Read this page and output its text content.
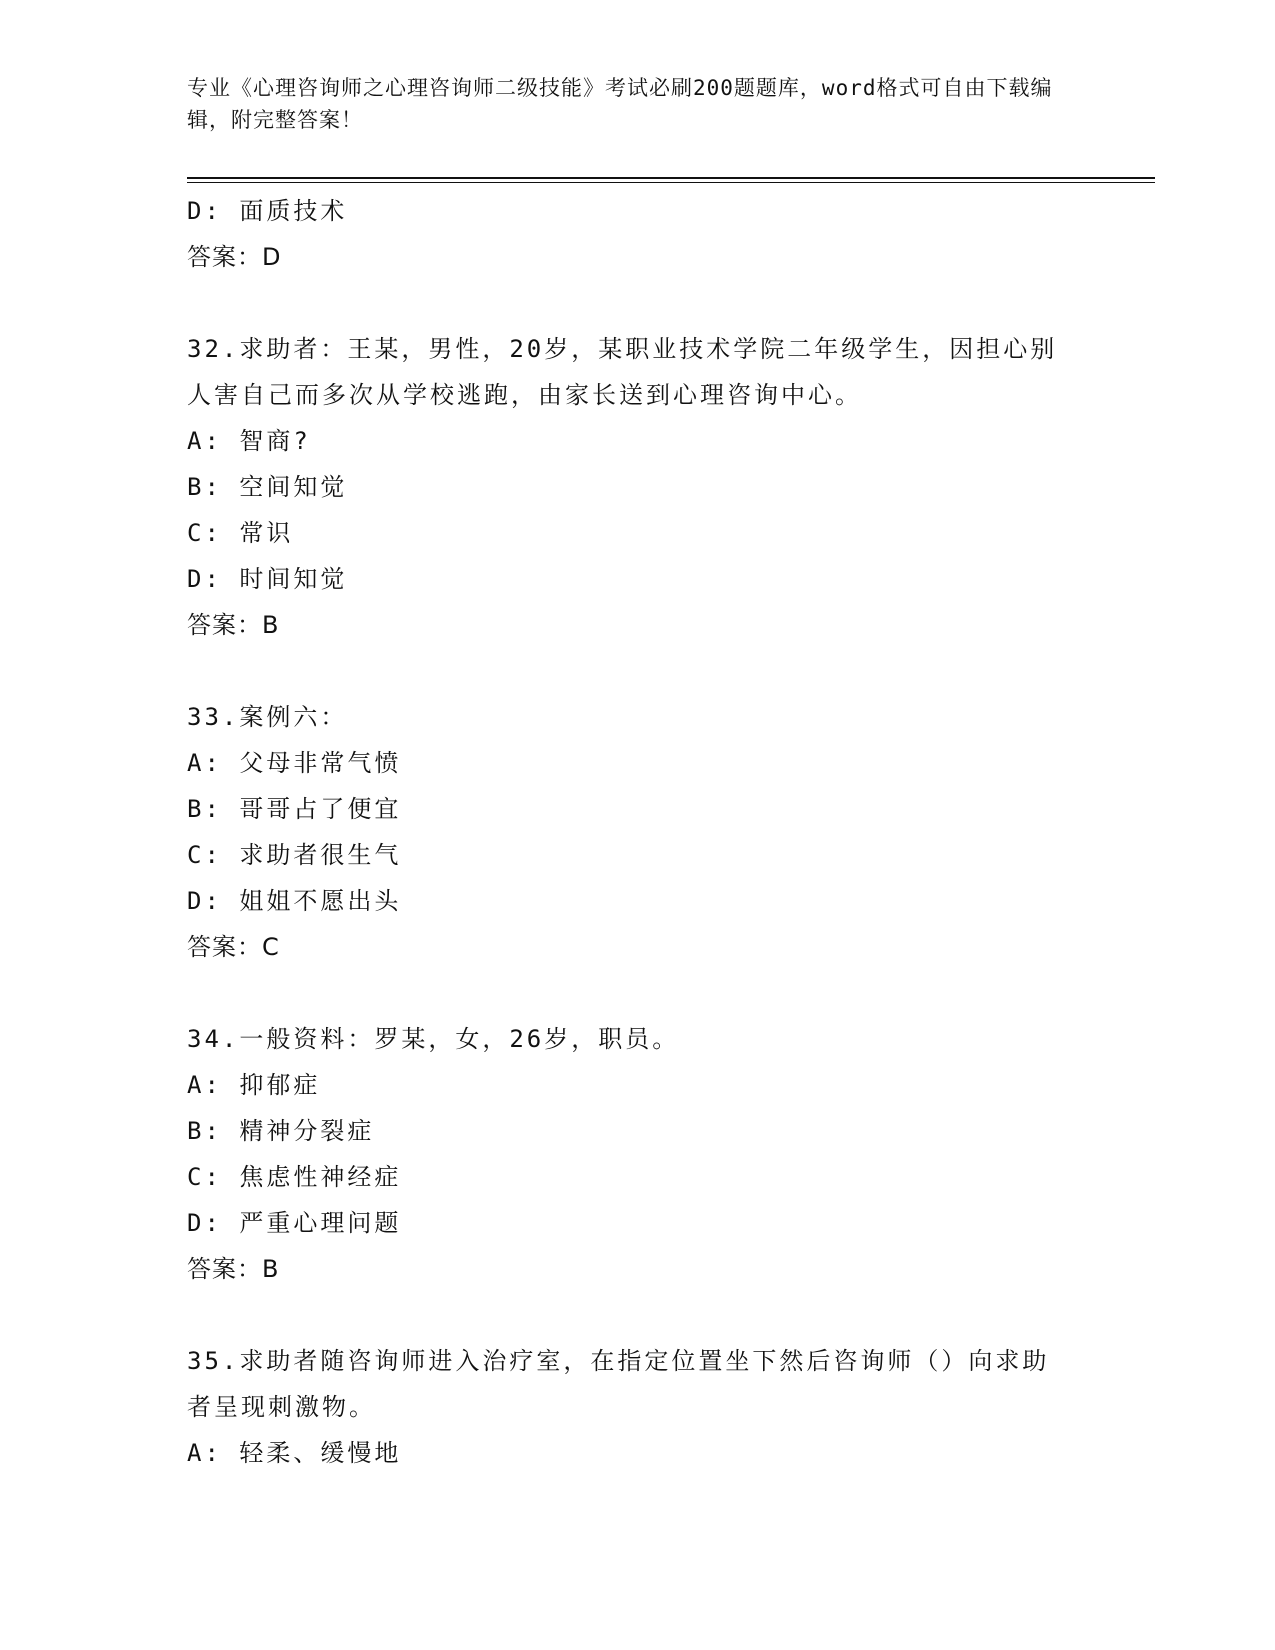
专业《心理咨询师之心理咨询师二级技能》考试必刷200题题库，word格式可自由下载编辑，附完整答案！
D: 面质技术
答案：D
32.求助者：王某，男性，20岁，某职业技术学院二年级学生，因担心别人害自己而多次从学校逃跑，由家长送到心理咨询中心。
A: 智商?
B: 空间知觉
C: 常识
D: 时间知觉
答案：B
33.案例六：
A: 父母非常气愤
B: 哥哥占了便宜
C: 求助者很生气
D: 姐姐不愿出头
答案：C
34.一般资料：罗某，女，26岁，职员。
A: 抑郁症
B: 精神分裂症
C: 焦虑性神经症
D: 严重心理问题
答案：B
35.求助者随咨询师进入治疗室，在指定位置坐下然后咨询师（）向求助者呈现刺激物。
A: 轻柔、缓慢地
